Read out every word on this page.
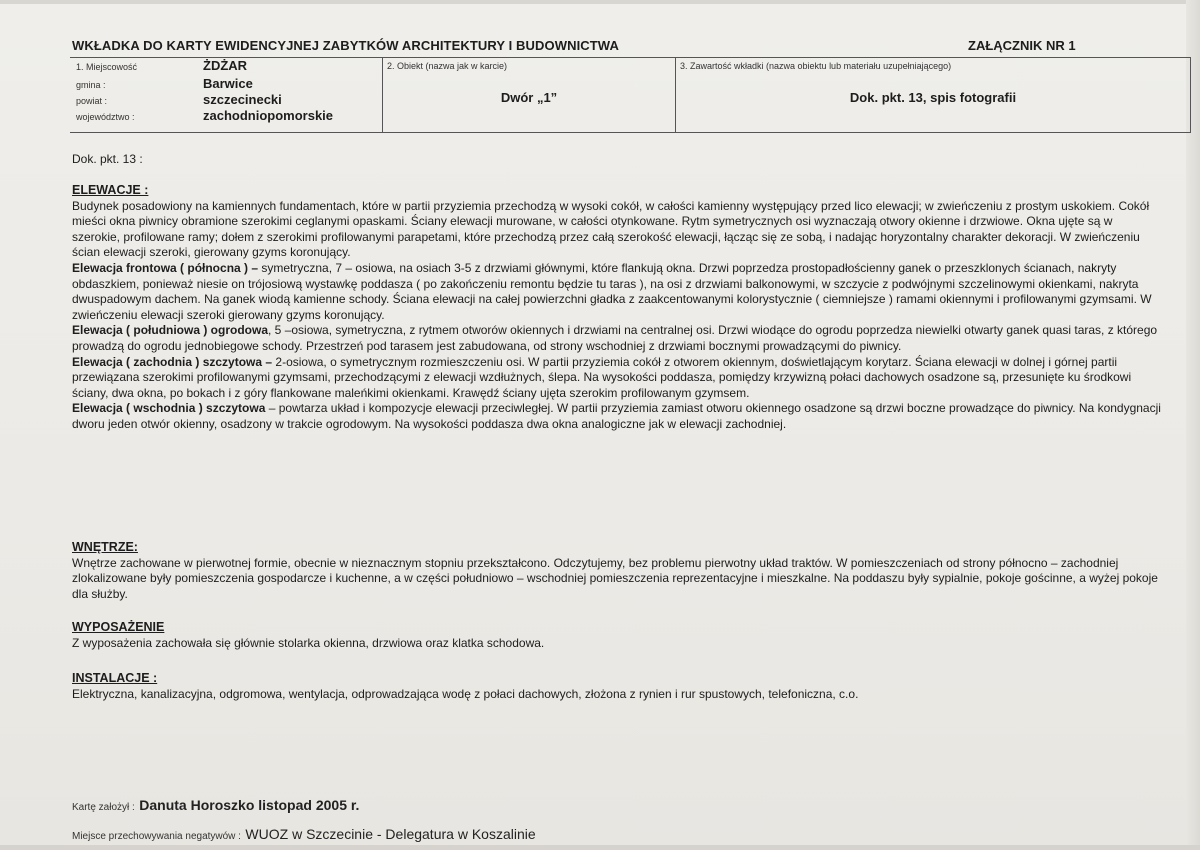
WKŁADKA DO KARTY EWIDENCYJNEJ ZABYTKÓW ARCHITEKTURY I BUDOWNICTWA	ZAŁĄCZNIK NR 1
1. Miejscowość	ŻDŻAR
gmina :	Barwice
powiat :	szczecinecki
województwo :	zachodniopomorskie
2. Obiekt (nazwa jak w karcie)
Dwór „1”
3. Zawartość wkładki (nazwa obiektu lub materiału uzupełniającego)
Dok. pkt. 13, spis fotografii
Dok. pkt. 13 :
ELEWACJE :
Budynek posadowiony na kamiennych fundamentach, które w partii przyziemia przechodzą w wysoki cokół, w całości kamienny występujący przed lico elewacji; w zwieńczeniu z prostym uskokiem. Cokół mieści okna piwnicy obramione szerokimi ceglanymi opaskami. Ściany elewacji murowane, w całości otynkowane. Rytm symetrycznych osi wyznaczają otwory okienne i drzwiowe. Okna ujęte są w szerokie, profilowane ramy; dołem z szerokimi profilowanymi parapetami, które przechodzą przez całą szerokość elewacji, łącząc się ze sobą, i nadając horyzontalny charakter dekoracji. W zwieńczeniu ścian elewacji szeroki, gierowany gzyms koronujący.
Elewacja frontowa ( północna ) – symetryczna, 7 – osiowa, na osiach 3-5 z drzwiami głównymi, które flankują okna. Drzwi poprzedza prostopadłościenny ganek o przeszklonych ścianach, nakryty obdaszkiem, ponieważ niesie on trójosiową wystawkę poddasza ( po zakończeniu remontu będzie tu taras ), na osi z drzwiami balkonowymi, w szczycie z podwójnymi szczelinowymi okienkami, nakryta dwuspadowym dachem. Na ganek wiodą kamienne schody. Ściana elewacji na całej powierzchni gładka z zaakcentowanymi kolorystycznie ( ciemniejsze ) ramami okiennymi i profilowanymi gzymsami. W zwieńczeniu elewacji szeroki gierowany gzyms koronujący.
Elewacja ( południowa ) ogrodowa, 5 –osiowa, symetryczna, z rytmem otworów okiennych i drzwiami na centralnej osi. Drzwi wiodące do ogrodu poprzedza niewielki otwarty ganek quasi taras, z którego prowadzą do ogrodu jednobiegowe schody. Przestrzeń pod tarasem jest zabudowana, od strony wschodniej z drzwiami bocznymi prowadzącymi do piwnicy.
Elewacja ( zachodnia ) szczytowa – 2-osiowa, o symetrycznym rozmieszczeniu osi. W partii przyziemia cokół z otworem okiennym, doświetlającym korytarz. Ściana elewacji w dolnej i górnej partii przewiązana szerokimi profilowanymi gzymsami, przechodzącymi z elewacji wzdłużnych, ślepa. Na wysokości poddasza, pomiędzy krzywizną połaci dachowych osadzone są, przesunięte ku środkowi ściany, dwa okna, po bokach i z góry flankowane maleńkimi okienkami. Krawędź ściany ujęta szerokim profilowanym gzymsem.
Elewacja ( wschodnia ) szczytowa – powtarza układ i kompozycje elewacji przeciwległej. W partii przyziemia zamiast otworu okiennego osadzone są drzwi boczne prowadzące do piwnicy. Na kondygnacji dworu jeden otwór okienny, osadzony w trakcie ogrodowym. Na wysokości poddasza dwa okna analogiczne jak w elewacji zachodniej.
WNĘTRZE:
Wnętrze zachowane w pierwotnej formie, obecnie w nieznacznym stopniu przekształcono. Odczytujemy, bez problemu pierwotny układ traktów. W pomieszczeniach od strony północno – zachodniej zlokalizowane były pomieszczenia gospodarcze i kuchenne, a w części południowo – wschodniej pomieszczenia reprezentacyjne i mieszkalne. Na poddaszu były sypialnie, pokoje gościnne, a wyżej pokoje dla służby.
WYPOSAŻENIE
Z wyposażenia zachowała się głównie stolarka okienna, drzwiowa oraz klatka schodowa.
INSTALACJE :
Elektryczna, kanalizacyjna, odgromowa, wentylacja, odprowadzająca wodę z połaci dachowych, złożona z rynien i rur spustowych, telefoniczna, c.o.
Kartę założył : Danuta Horoszko listopad 2005 r.
Miejsce przechowywania negatywów : WUOZ w Szczecinie - Delegatura w Koszalinie
